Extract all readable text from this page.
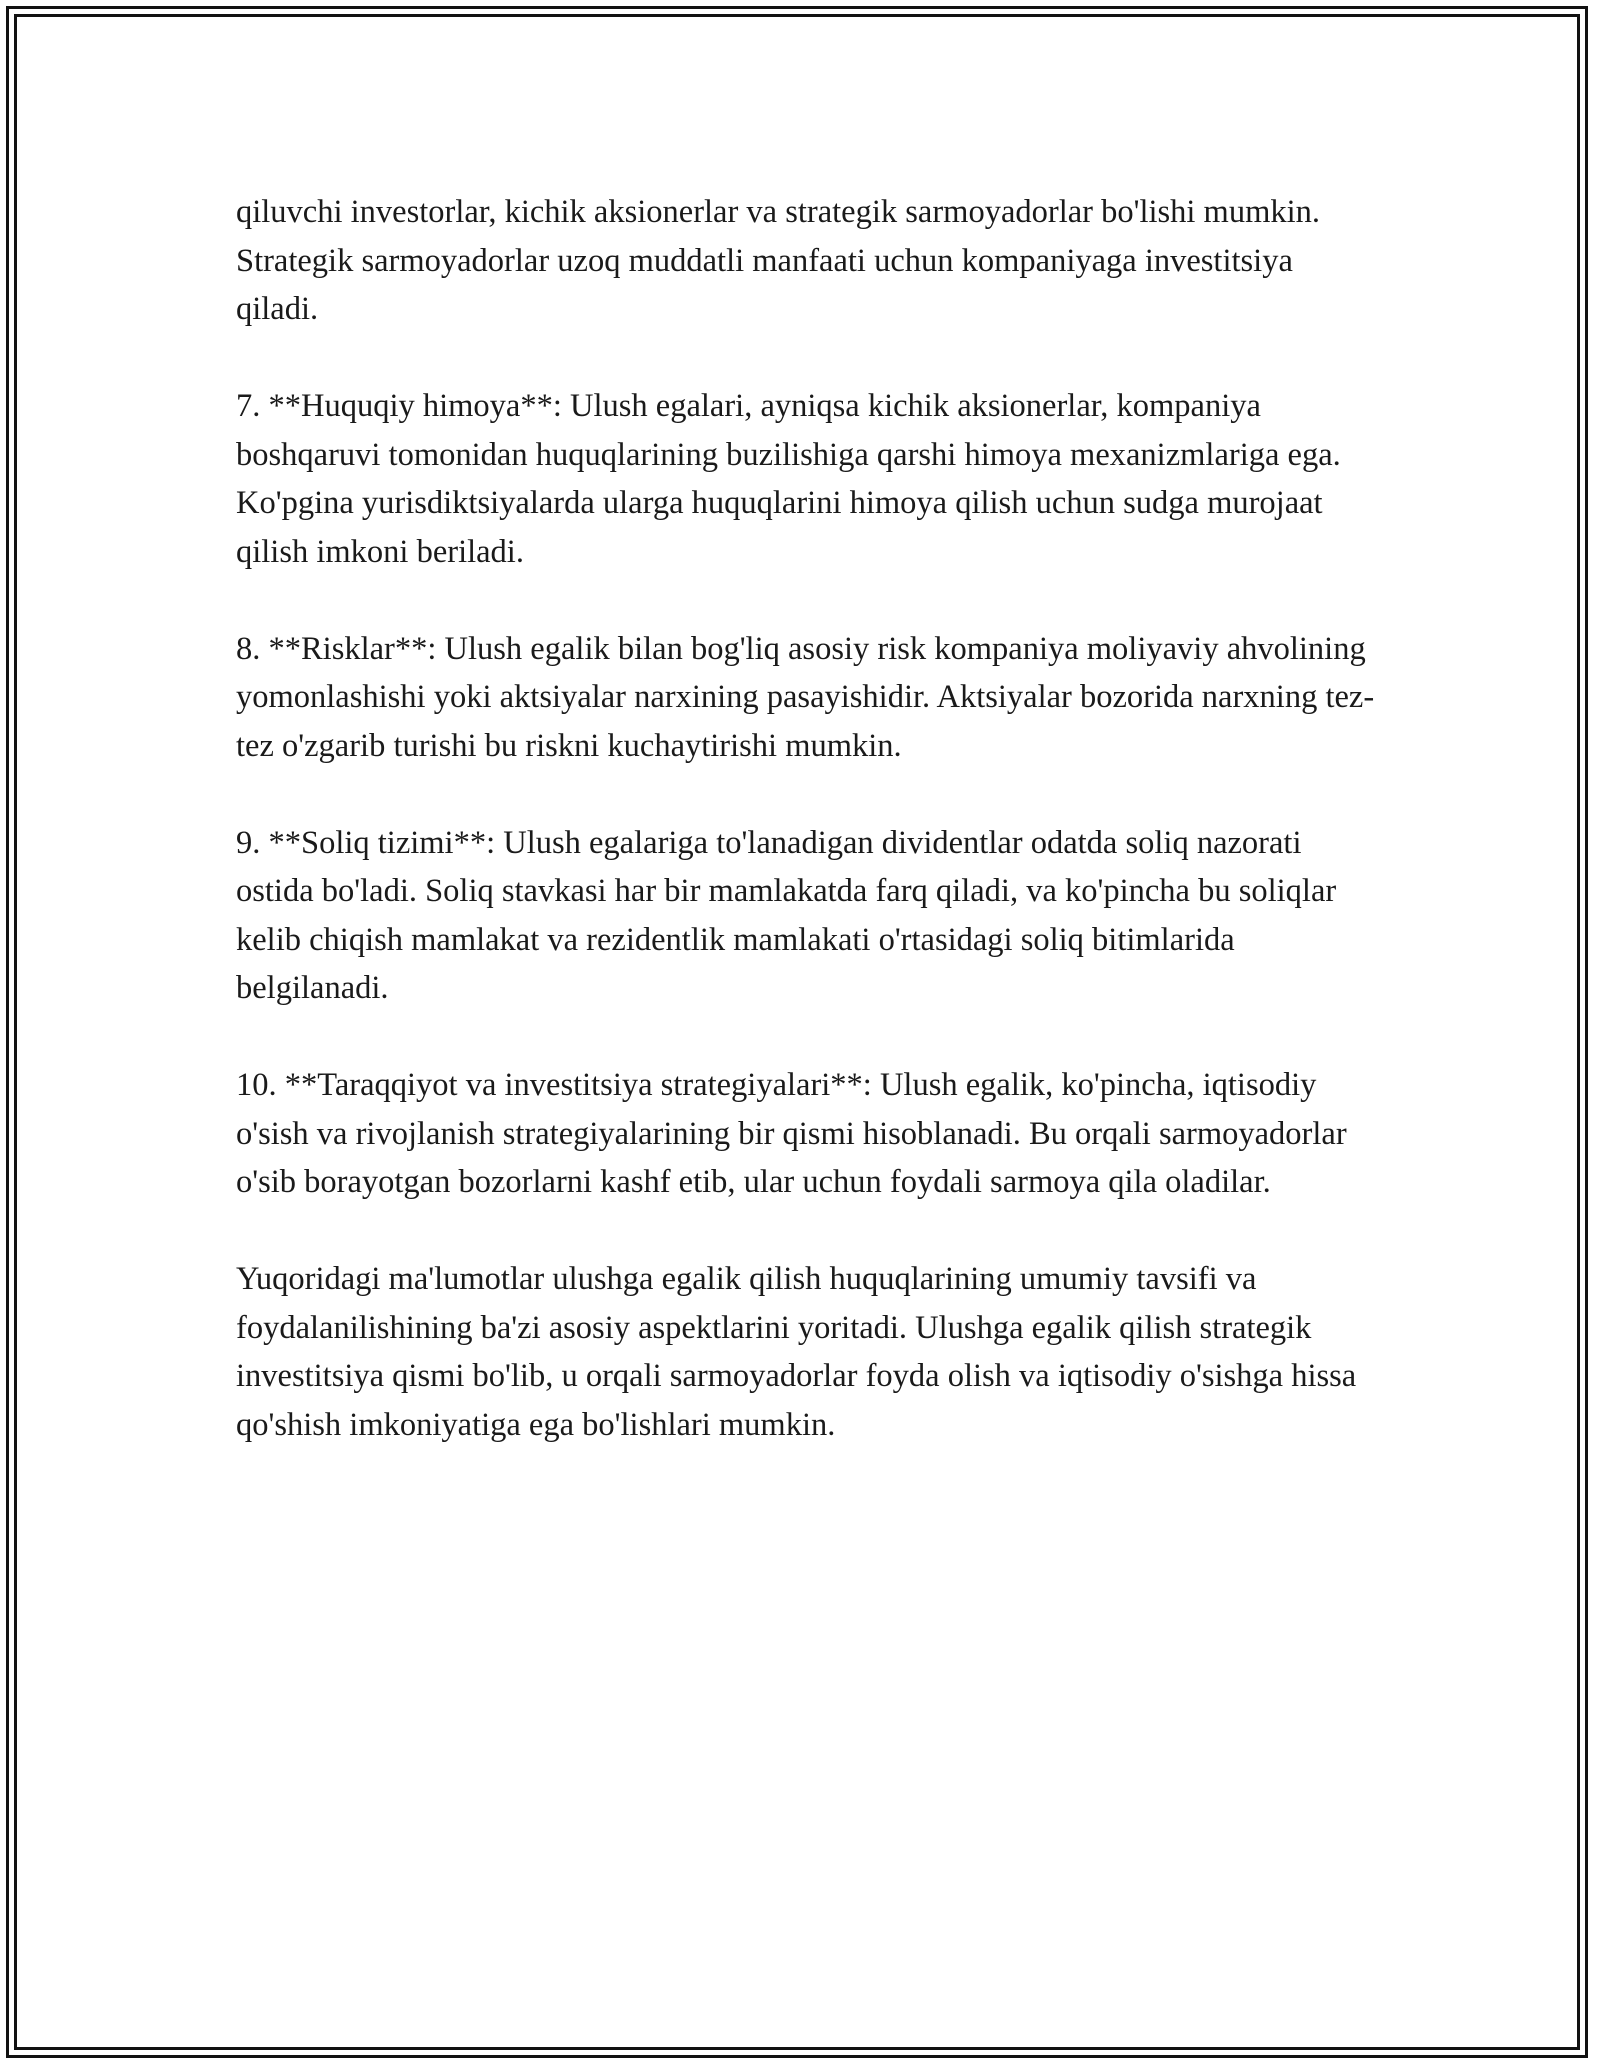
qiluvchi investorlar, kichik aksionerlar va strategik sarmoyadorlar bo'lishi mumkin. Strategik sarmoyadorlar uzoq muddatli manfaati uchun kompaniyaga investitsiya qiladi.

7. **Huquqiy himoya**: Ulush egalari, ayniqsa kichik aksionerlar, kompaniya boshqaruvi tomonidan huquqlarining buzilishiga qarshi himoya mexanizmlariga ega. Ko'pgina yurisdiktsiyalarda ularga huquqlarini himoya qilish uchun sudga murojaat qilish imkoni beriladi.

8. **Risklar**: Ulush egalik bilan bog'liq asosiy risk kompaniya moliyaviy ahvolining yomonlashishi yoki aktsiyalar narxining pasayishidir. Aktsiyalar bozorida narxning tez-tez o'zgarib turishi bu riskni kuchaytirishi mumkin.

9. **Soliq tizimi**: Ulush egalariga to'lanadigan dividentlar odatda soliq nazorati ostida bo'ladi. Soliq stavkasi har bir mamlakatda farq qiladi, va ko'pincha bu soliqlar kelib chiqish mamlakat va rezidentlik mamlakati o'rtasidagi soliq bitimlarida belgilanadi.

10. **Taraqqiyot va investitsiya strategiyalari**: Ulush egalik, ko'pincha, iqtisodiy o'sish va rivojlanish strategiyalarining bir qismi hisoblanadi. Bu orqali sarmoyadorlar o'sib borayotgan bozorlarni kashf etib, ular uchun foydali sarmoya qila oladilar.

Yuqoridagi ma'lumotlar ulushga egalik qilish huquqlarining umumiy tavsifi va foydalanilishining ba'zi asosiy aspektlarini yoritadi. Ulushga egalik qilish strategik investitsiya qismi bo'lib, u orqali sarmoyadorlar foyda olish va iqtisodiy o'sishga hissa qo'shish imkoniyatiga ega bo'lishlari mumkin.
